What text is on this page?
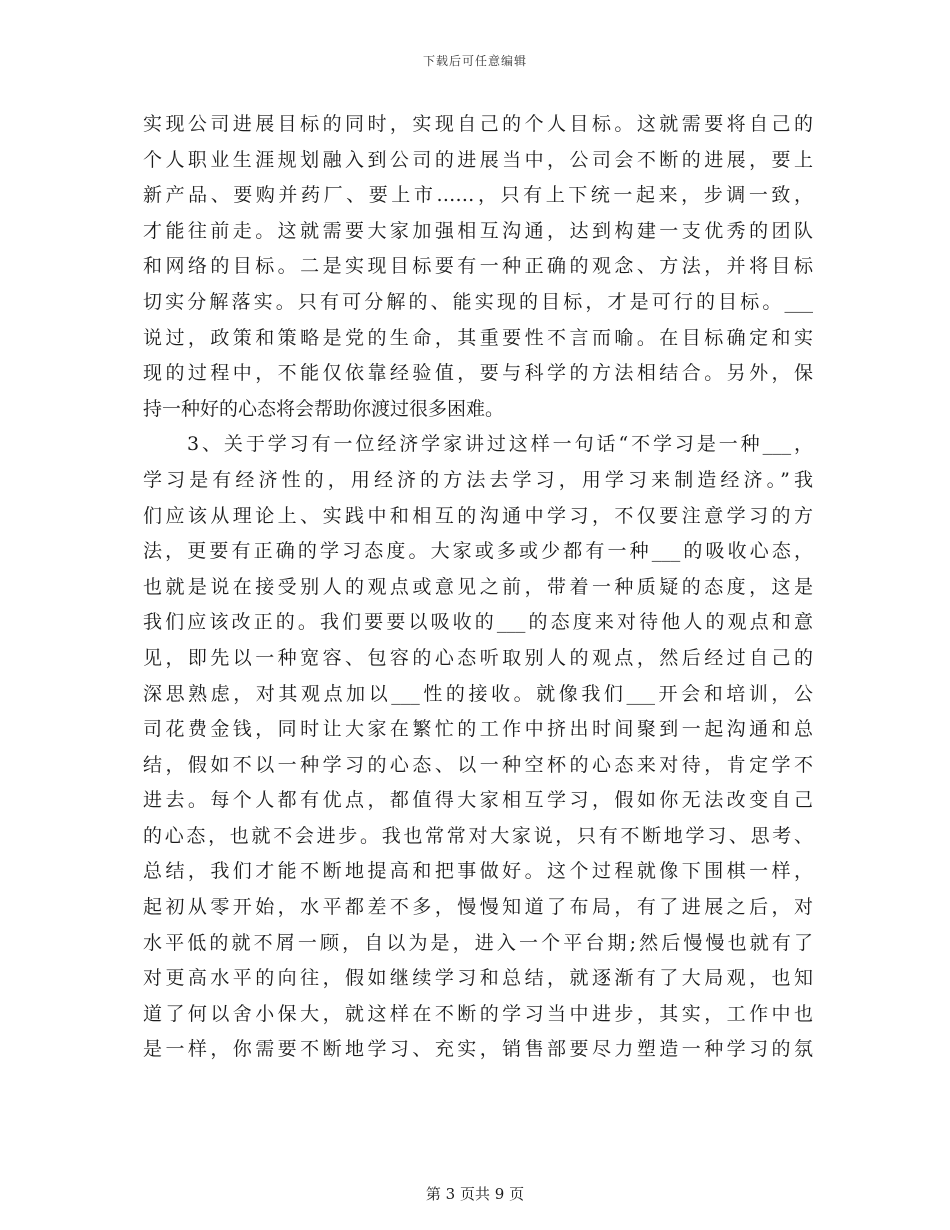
下载后可任意编辑
实现公司进展目标的同时，实现自己的个人目标。这就需要将自己的
个人职业生涯规划融入到公司的进展当中，公司会不断的进展，要上
新产品、要购并药厂、要上市……，只有上下统一起来，步调一致，
才能往前走。这就需要大家加强相互沟通，达到构建一支优秀的团队
和网络的目标。二是实现目标要有一种正确的观念、方法，并将目标
切实分解落实。只有可分解的、能实现的目标，才是可行的目标。___
说过，政策和策略是党的生命，其重要性不言而喻。在目标确定和实
现的过程中，不能仅依靠经验值，要与科学的方法相结合。另外，保
持一种好的心态将会帮助你渡过很多困难。
3、关于学习有一位经济学家讲过这样一句话“不学习是一种___，
学习是有经济性的，用经济的方法去学习，用学习来制造经济。”我
们应该从理论上、实践中和相互的沟通中学习，不仅要注意学习的方
法，更要有正确的学习态度。大家或多或少都有一种___的吸收心态，
也就是说在接受别人的观点或意见之前，带着一种质疑的态度，这是
我们应该改正的。我们要要以吸收的___的态度来对待他人的观点和意
见，即先以一种宽容、包容的心态听取别人的观点，然后经过自己的
深思熟虑，对其观点加以___性的接收。就像我们___开会和培训，公
司花费金钱，同时让大家在繁忙的工作中挤出时间聚到一起沟通和总
结，假如不以一种学习的心态、以一种空杯的心态来对待，肯定学不
进去。每个人都有优点，都值得大家相互学习，假如你无法改变自己
的心态，也就不会进步。我也常常对大家说，只有不断地学习、思考、
总结，我们才能不断地提高和把事做好。这个过程就像下围棋一样，
起初从零开始，水平都差不多，慢慢知道了布局，有了进展之后，对
水平低的就不屑一顾，自以为是，进入一个平台期;然后慢慢也就有了
对更高水平的向往，假如继续学习和总结，就逐渐有了大局观，也知
道了何以舍小保大，就这样在不断的学习当中进步，其实，工作中也
是一样，你需要不断地学习、充实，销售部要尽力塑造一种学习的氛
第 3 页共 9 页
